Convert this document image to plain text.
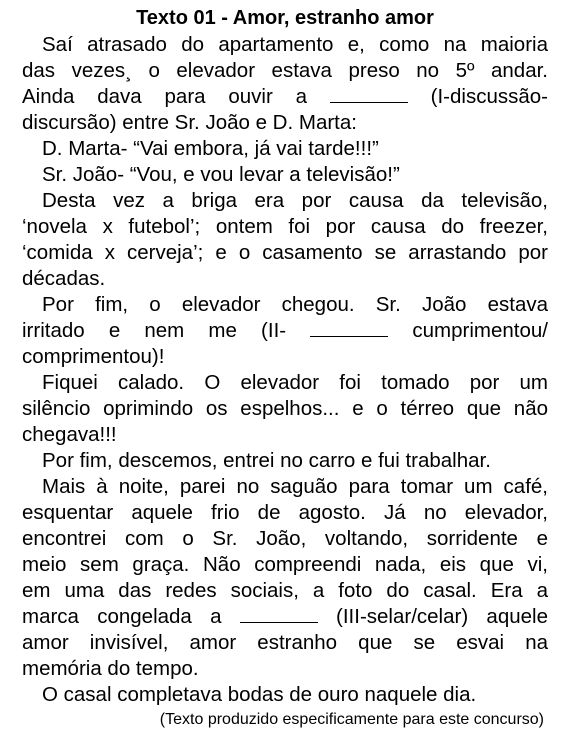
Texto 01 - Amor, estranho amor
Saí atrasado do apartamento e, como na maioria
das vezes¸ o elevador estava preso no 5º andar.
Ainda dava para ouvir a	(I-discussão-
discursão) entre Sr. João e D. Marta:
D. Marta- “Vai embora, já vai tarde!!!”
Sr. João- “Vou, e vou levar a televisão!”
Desta vez a briga era por causa da televisão,
‘novela x futebol’; ontem foi por causa do freezer,
‘comida x cerveja’; e o casamento se arrastando por
décadas.
Por fim, o elevador chegou. Sr. João estava
irritado e nem me (II-	cumprimentou/
comprimentou)!
Fiquei calado. O elevador foi tomado por um
silêncio oprimindo os espelhos... e o térreo que não
chegava!!!
Por fim, descemos, entrei no carro e fui trabalhar.
Mais à noite, parei no saguão para tomar um café,
esquentar aquele frio de agosto. Já no elevador,
encontrei com o Sr. João, voltando, sorridente e
meio sem graça. Não compreendi nada, eis que vi,
em uma das redes sociais, a foto do casal. Era a
marca congelada a	(III-selar/celar) aquele
amor invisível, amor estranho que se esvai na
memória do tempo.
O casal completava bodas de ouro naquele dia.
(Texto produzido especificamente para este concurso)
